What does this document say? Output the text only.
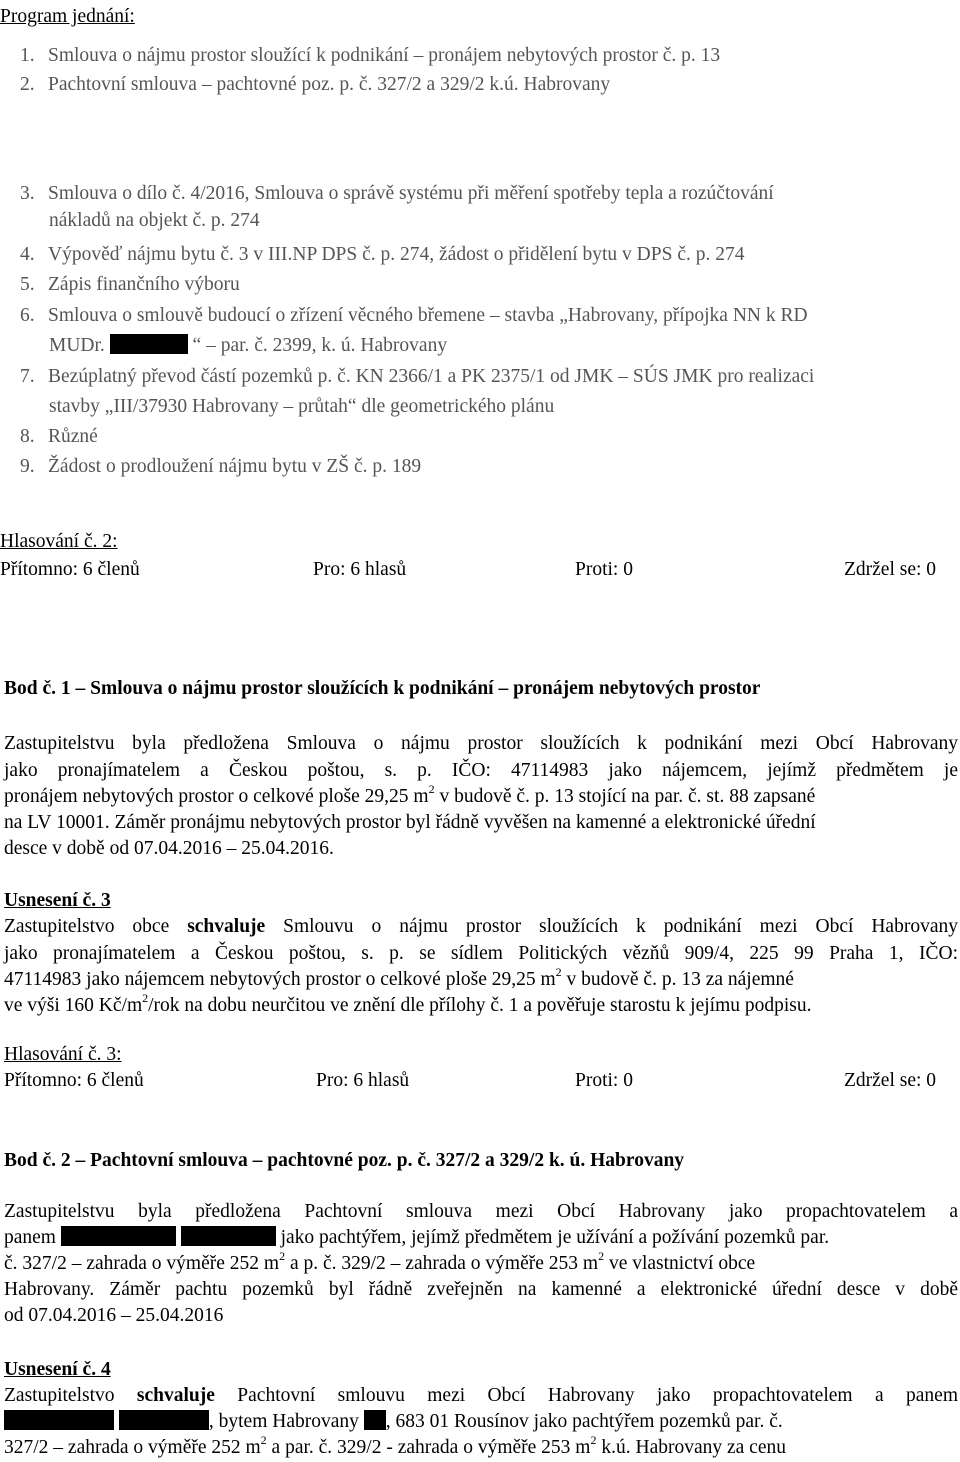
Program jednání:
1. Smlouva o nájmu prostor sloužící k podnikání – pronájem nebytových prostor č. p. 13
2. Pachtovní smlouva – pachtovné poz. p. č. 327/2 a 329/2 k.ú. Habrovany
3. Smlouva o dílo č. 4/2016, Smlouva o správě systému při měření spotřeby tepla a rozúčtování
nákladů na objekt č. p. 274
4. Výpověď nájmu bytu č. 3 v III.NP DPS č. p. 274, žádost o přidělení bytu v DPS č. p. 274
5. Zápis finančního výboru
6. Smlouva o smlouvě budoucí o zřízení věcného břemene – stavba „Habrovany, přípojka NN k RD
MUDr.	“ – par. č. 2399, k. ú. Habrovany
7. Bezúplatný převod částí pozemků p. č. KN 2366/1 a PK 2375/1 od JMK – SÚS JMK pro realizaci
stavby „III/37930 Habrovany – průtah“ dle geometrického plánu
8. Různé
9. Žádost o prodloužení nájmu bytu v ZŠ č. p. 189
Hlasování č. 2:
Přítomno: 6 členů	Pro: 6 hlasů	Proti: 0	Zdržel se: 0
Bod č. 1 – Smlouva o nájmu prostor sloužících k podnikání – pronájem nebytových prostor
Zastupitelstvu byla předložena Smlouva o nájmu prostor sloužících k podnikání mezi Obcí Habrovany
jako pronajímatelem a Českou poštou, s. p. IČO: 47114983 jako nájemcem, jejímž předmětem je
pronájem nebytových prostor o celkové ploše 29,25 $m^2$ v budově č. p. 13 stojící na par. č. st. 88 zapsané
na LV 10001. Záměr pronájmu nebytových prostor byl řádně vyvěšen na kamenné a elektronické úřední
desce v době od 07.04.2016 – 25.04.2016.
Usnesení č. 3
Zastupitelstvo obce schvaluje Smlouvu o nájmu prostor sloužících k podnikání mezi Obcí Habrovany
jako pronajímatelem a Českou poštou, s. p. se sídlem Politických vězňů 909/4, 225 99 Praha 1, IČO:
47114983 jako nájemcem nebytových prostor o celkové ploše 29,25 $m^2$ v budově č. p. 13 za nájemné
ve výši 160 $Kč/m^2$/rok na dobu neurčitou ve znění dle přílohy č. 1 a pověřuje starostu k jejímu podpisu.
Hlasování č. 3:
Přítomno: 6 členů	Pro: 6 hlasů	Proti: 0	Zdržel se: 0
Bod č. 2 – Pachtovní smlouva – pachtovné poz. p. č. 327/2 a 329/2 k. ú. Habrovany
Zastupitelstvu byla předložena Pachtovní smlouva mezi Obcí Habrovany jako propachtovatelem a
panem	jako pachtýřem, jejímž předmětem je užívání a požívání pozemků par.
č. 327/2 – zahrada o výměře 252 $m^2$ a p. č. 329/2 – zahrada o výměře 253 $m^2$ ve vlastnictví obce
Habrovany. Záměr pachtu pozemků byl řádně zveřejněn na kamenné a elektronické úřední desce v době
od 07.04.2016 – 25.04.2016
Usnesení č. 4
Zastupitelstvo schvaluje Pachtovní smlouvu mezi Obcí Habrovany jako propachtovatelem a panem
, bytem Habrovany , 683 01 Rousínov jako pachtýřem pozemků par. č.
327/2 – zahrada o výměře 252 $m^2$ a par. č. 329/2 - zahrada o výměře 253 $m^2$ k.ú. Habrovany za cenu
